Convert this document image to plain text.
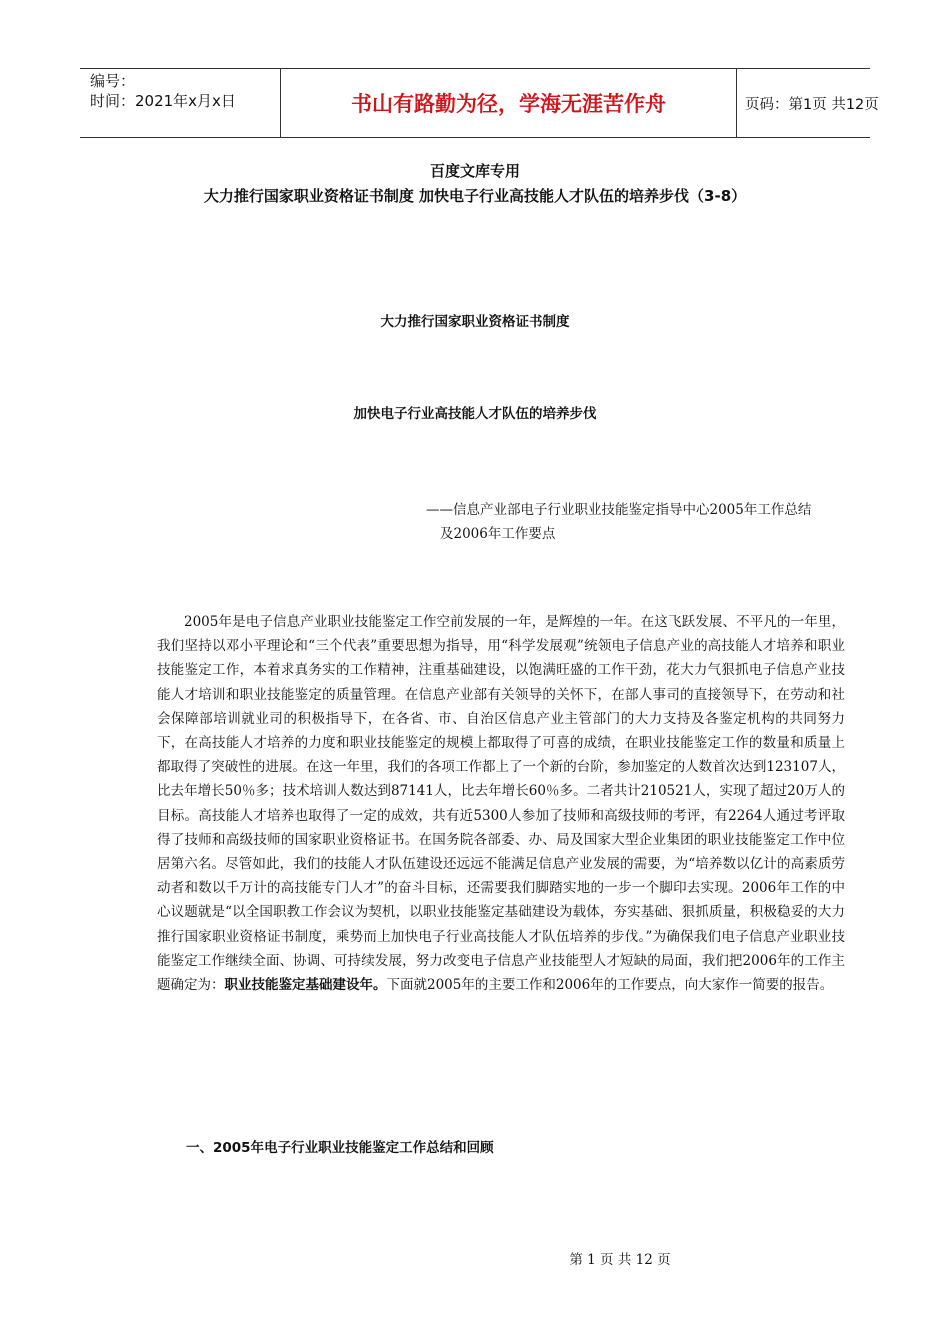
编号：
时间：2021年x月x日	书山有路勤为径，学海无涯苦作舟	页码：第1页 共12页
百度文库专用
大力推行国家职业资格证书制度 加快电子行业高技能人才队伍的培养步伐（3-8）
大力推行国家职业资格证书制度
加快电子行业高技能人才队伍的培养步伐
——信息产业部电子行业职业技能鉴定指导中心2005年工作总结
及2006年工作要点

2005年是电子信息产业职业技能鉴定工作空前发展的一年，是辉煌的一年。在这飞跃发展、不平凡的一年里，我们坚持以邓小平理论和“三个代表”重要思想为指导，用“科学发展观”统领电子信息产业的高技能人才培养和职业技能鉴定工作，本着求真务实的工作精神，注重基础建设，以饱满旺盛的工作干劲，花大力气狠抓电子信息产业技能人才培训和职业技能鉴定的质量管理。在信息产业部有关领导的关怀下，在部人事司的直接领导下，在劳动和社会保障部培训就业司的积极指导下，在各省、市、自治区信息产业主管部门的大力支持及各鉴定机构的共同努力下，在高技能人才培养的力度和职业技能鉴定的规模上都取得了可喜的成绩，在职业技能鉴定工作的数量和质量上都取得了突破性的进展。在这一年里，我们的各项工作都上了一个新的台阶，参加鉴定的人数首次达到123107人，比去年增长50％多；技术培训人数达到87141人，比去年增长60％多。二者共计210521人，实现了超过20万人的目标。高技能人才培养也取得了一定的成效，共有近5300人参加了技师和高级技师的考评，有2264人通过考评取得了技师和高级技师的国家职业资格证书。在国务院各部委、办、局及国家大型企业集团的职业技能鉴定工作中位居第六名。尽管如此，我们的技能人才队伍建设还远远不能满足信息产业发展的需要，为“培养数以亿计的高素质劳动者和数以千万计的高技能专门人才”的奋斗目标，还需要我们脚踏实地的一步一个脚印去实现。2006年工作的中心议题就是“以全国职教工作会议为契机，以职业技能鉴定基础建设为载体，夯实基础、狠抓质量，积极稳妥的大力推行国家职业资格证书制度，乘势而上加快电子行业高技能人才队伍培养的步伐。”为确保我们电子信息产业职业技能鉴定工作继续全面、协调、可持续发展，努力改变电子信息产业技能型人才短缺的局面，我们把2006年的工作主题确定为：职业技能鉴定基础建设年。下面就2005年的主要工作和2006年的工作要点，向大家作一简要的报告。

一、2005年电子行业职业技能鉴定工作总结和回顾
第 1 页 共 12 页
